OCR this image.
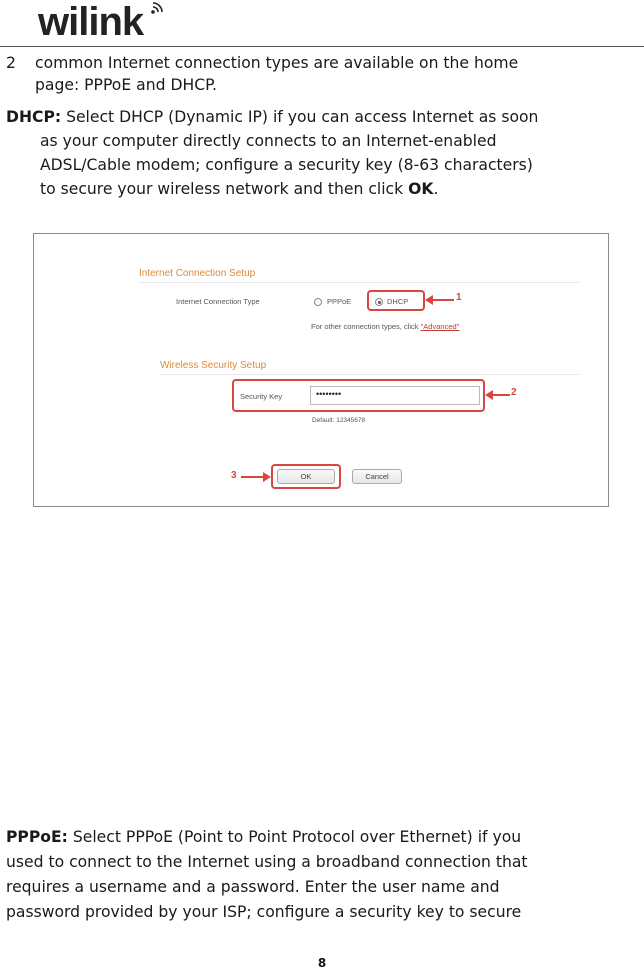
wilink
2 common Internet connection types are available on the home
page: PPPoE and DHCP.
DHCP: Select DHCP (Dynamic IP) if you can access Internet as soon
as your computer directly connects to an Internet-enabled
ADSL/Cable modem; configure a security key (8-63 characters)
to secure your wireless network and then click OK.
Internet Connection Setup
Internet Connection Type	PPPoE	DHCP	1
For other connection types, click "Advanced"
Wireless Security Setup
Security Key	••••••••	2
Default: 12345678
3	OK	Cancel
PPPoE: Select PPPoE (Point to Point Protocol over Ethernet) if you
used to connect to the Internet using a broadband connection that
requires a username and a password. Enter the user name and
password provided by your ISP; configure a security key to secure
8
